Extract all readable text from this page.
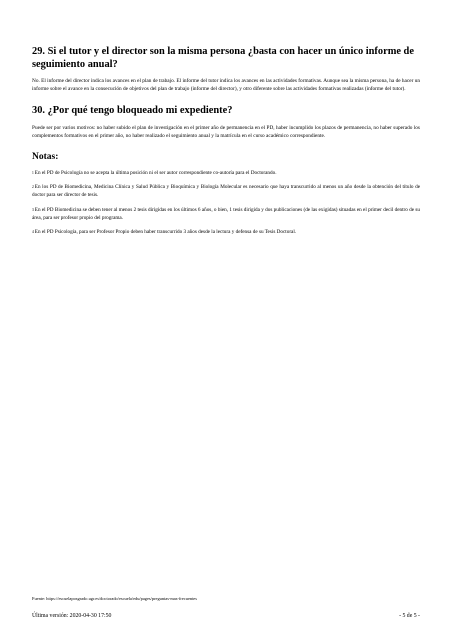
29. Si el tutor y el director son la misma persona ¿basta con hacer un único informe de seguimiento anual?

No. El informe del director indica los avances en el plan de trabajo. El informe del tutor indica los avances en las actividades formativas. Aunque sea la misma persona, ha de hacer un informe sobre el avance en la consecución de objetivos del plan de trabajo (informe del director), y otro diferente sobre las actividades formativas realizadas (informe del tutor).

30. ¿Por qué tengo bloqueado mi expediente?

Puede ser por varios motivos: no haber subido el plan de investigación en el primer año de permanencia en el PD, haber incumplido los plazos de permanencia, no haber superado los complementos formativos en el primer año, no haber realizado el seguimiento anual y la matrícula en el curso académico correspondiente.

Notas:

$^1$En el PD de Psicología no se acepta la última posición ni el ser autor correspondiente co-autoría para el Doctorando.

$^2$En los PD de Biomedicina, Medicina Clínica y Salud Pública y Bioquímica y Biología Molecular es necesario que haya transcurrido al menos un año desde la obtención del título de doctor para ser director de tesis.

$^3$En el PD Biomedicina se deben tener al menos 2 tesis dirigidas en los últimos 6 años, o bien, 1 tesis dirigida y dos publicaciones (de las exigidas) situadas en el primer decil dentro de su área, para ser profesor propio del programa.

$^4$En el PD Psicología, para ser Profesor Propio deben haber transcurrido 3 años desde la lectura y defensa de su Tesis Doctoral.

Fuente: https://escuelaposgrado.ugr.es/doctorado/escuela/edu/pages/preguntas-mas-frecuentes
Última versión: 2020-04-30 17:50	- 5 de 5 -
